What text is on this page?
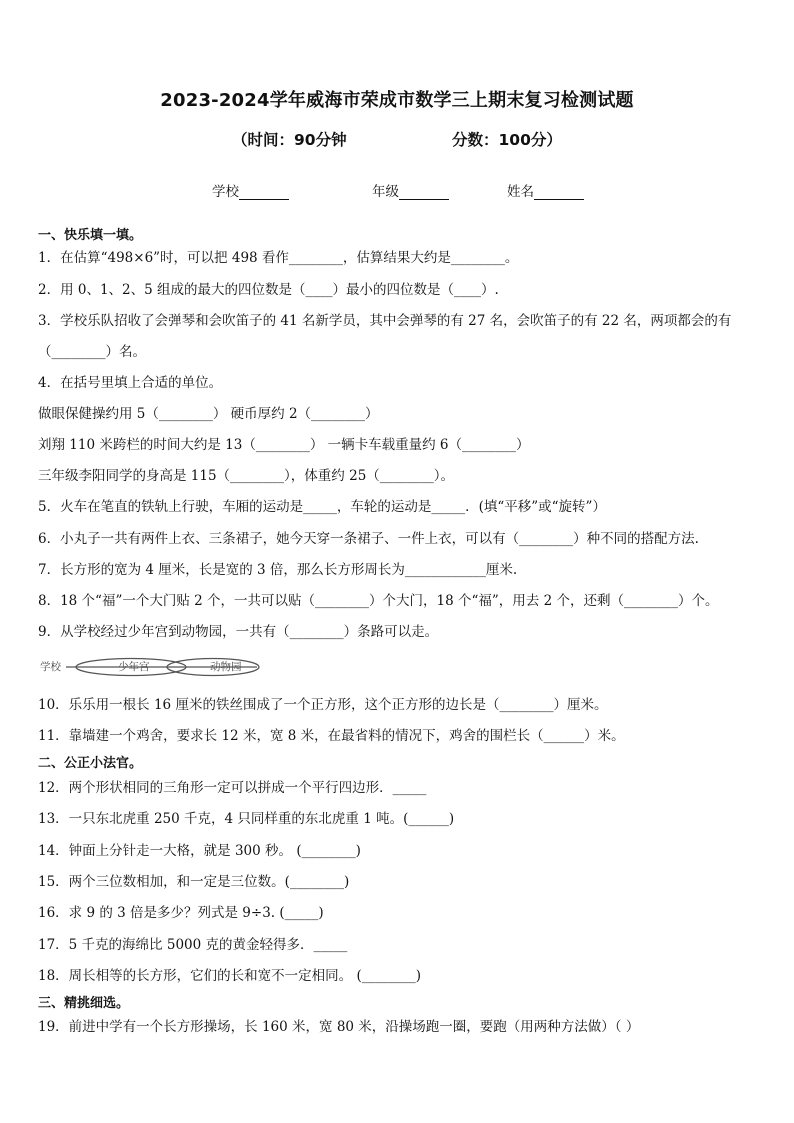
2023-2024学年威海市荣成市数学三上期末复习检测试题
（时间：90分钟	分数：100分）
学校	年级	姓名
一、快乐填一填。
1．在估算“498×6”时，可以把 498 看作________，估算结果大约是________。
2．用 0、1、2、5 组成的最大的四位数是（____）最小的四位数是（____）.
3．学校乐队招收了会弹琴和会吹笛子的 41 名新学员，其中会弹琴的有 27 名，会吹笛子的有 22 名，两项都会的有
（________）名。
4．在括号里填上合适的单位。
做眼保健操约用 5（________） 硬币厚约 2（________）
刘翔 110 米跨栏的时间大约是 13（________） 一辆卡车载重量约 6（________）
三年级李阳同学的身高是 115（________），体重约 25（________）。
5．火车在笔直的铁轨上行驶，车厢的运动是_____，车轮的运动是_____．(填“平移”或“旋转”）
6．小丸子一共有两件上衣、三条裙子，她今天穿一条裙子、一件上衣，可以有（________）种不同的搭配方法.
7．长方形的宽为 4 厘米，长是宽的 3 倍，那么长方形周长为____________厘米.
8．18 个“福”一个大门贴 2 个，一共可以贴（________）个大门，18 个“福”，用去 2 个，还剩（________）个。
9．从学校经过少年宫到动物园，一共有（________）条路可以走。
学校	少年宫	动物园
10．乐乐用一根长 16 厘米的铁丝围成了一个正方形，这个正方形的边长是（________）厘米。
11．靠墙建一个鸡舍，要求长 12 米，宽 8 米，在最省料的情况下，鸡舍的围栏长（______）米。
二、公正小法官。
12．两个形状相同的三角形一定可以拼成一个平行四边形．_____
13．一只东北虎重 250 千克，4 只同样重的东北虎重 1 吨。(______)
14．钟面上分针走一大格，就是 300 秒。 (________)
15．两个三位数相加，和一定是三位数。(________)
16．求 9 的 3 倍是多少？列式是 9÷3. (_____)
17．5 千克的海绵比 5000 克的黄金轻得多．_____
18．周长相等的长方形，它们的长和宽不一定相同。 (________)
三、精挑细选。
19．前进中学有一个长方形操场，长 160 米，宽 80 米，沿操场跑一圈，要跑（用两种方法做）（ ）
